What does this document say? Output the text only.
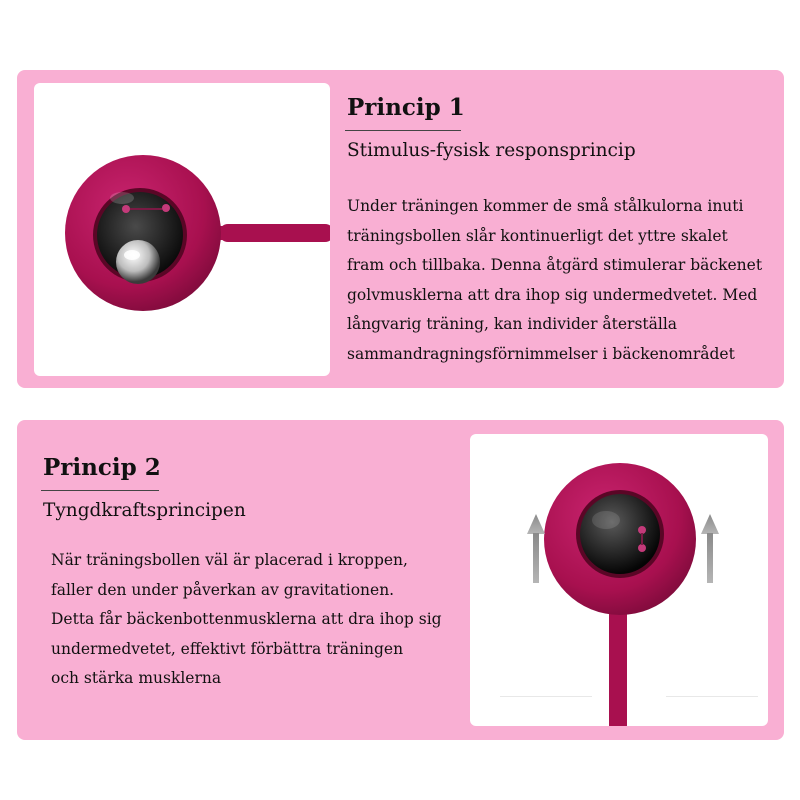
Princip 1

Stimulus-fysisk responsprincip

Under träningen kommer de små stålkulorna inuti
träningsbollen slår kontinuerligt det yttre skalet
fram och tillbaka. Denna åtgärd stimulerar bäckenet
golvmusklerna att dra ihop sig undermedvetet. Med
långvarig träning, kan individer återställa
sammandragningsförnimmelser i bäckenområdet

Princip 2

Tyngdkraftsprincipen

När träningsbollen väl är placerad i kroppen,
faller den under påverkan av gravitationen.
Detta får bäckenbottenmusklerna att dra ihop sig
undermedvetet, effektivt förbättra träningen
och stärka musklerna
